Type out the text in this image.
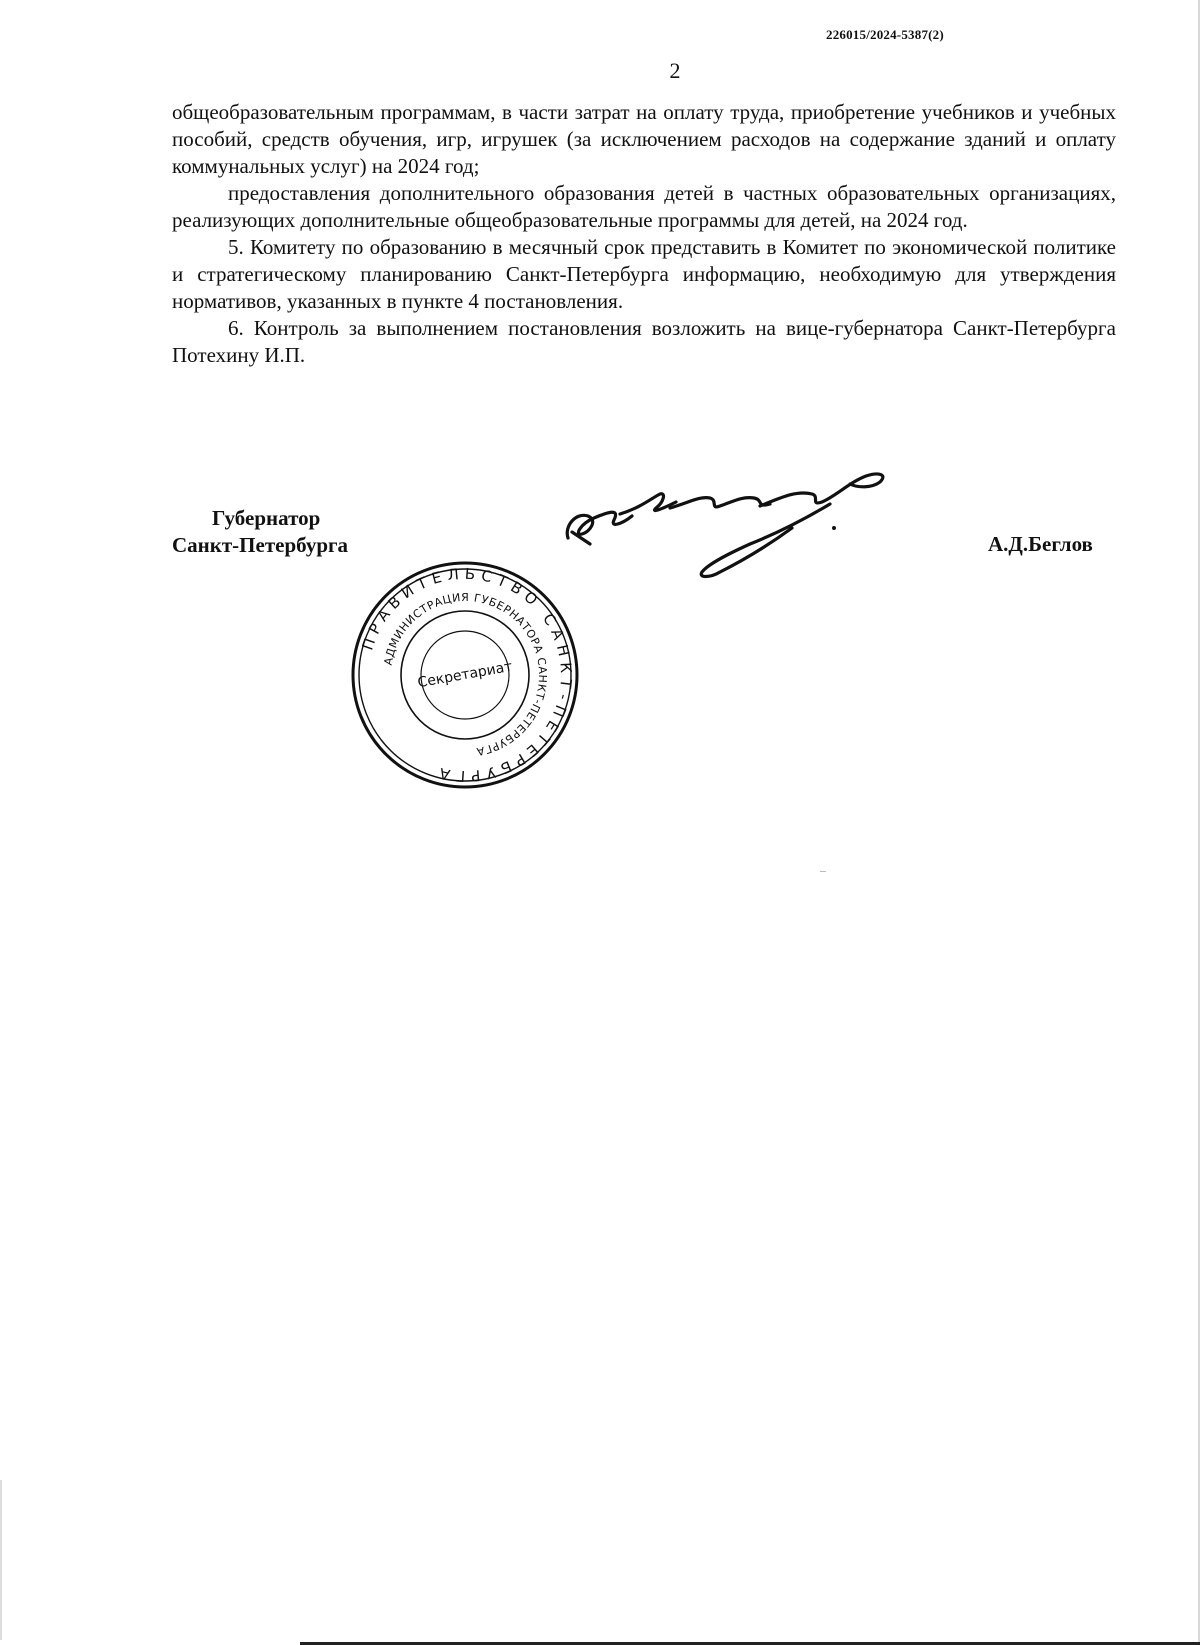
226015/2024-5387(2)
2

общеобразовательным программам, в части затрат на оплату труда, приобретение учебников и учебных пособий, средств обучения, игр, игрушек (за исключением расходов на содержание зданий и оплату коммунальных услуг) на 2024 год;

предоставления дополнительного образования детей в частных образовательных организациях, реализующих дополнительные общеобразовательные программы для детей, на 2024 год.

5. Комитету по образованию в месячный срок представить в Комитет по экономической политике и стратегическому планированию Санкт-Петербурга информацию, необходимую для утверждения нормативов, указанных в пункте 4 постановления.

6. Контроль за выполнением постановления возложить на вице-губернатора Санкт-Петербурга Потехину И.П.

Губернатор
Санкт-Петербурга	А.Д.Беглов
ПРАВИТЕЛЬСТВО САНКТ-ПЕТЕРБУРГА
АДМИНИСТРАЦИЯ ГУБЕРНАТОРА САНКТ-ПЕТЕРБУРГА
Секретариат
